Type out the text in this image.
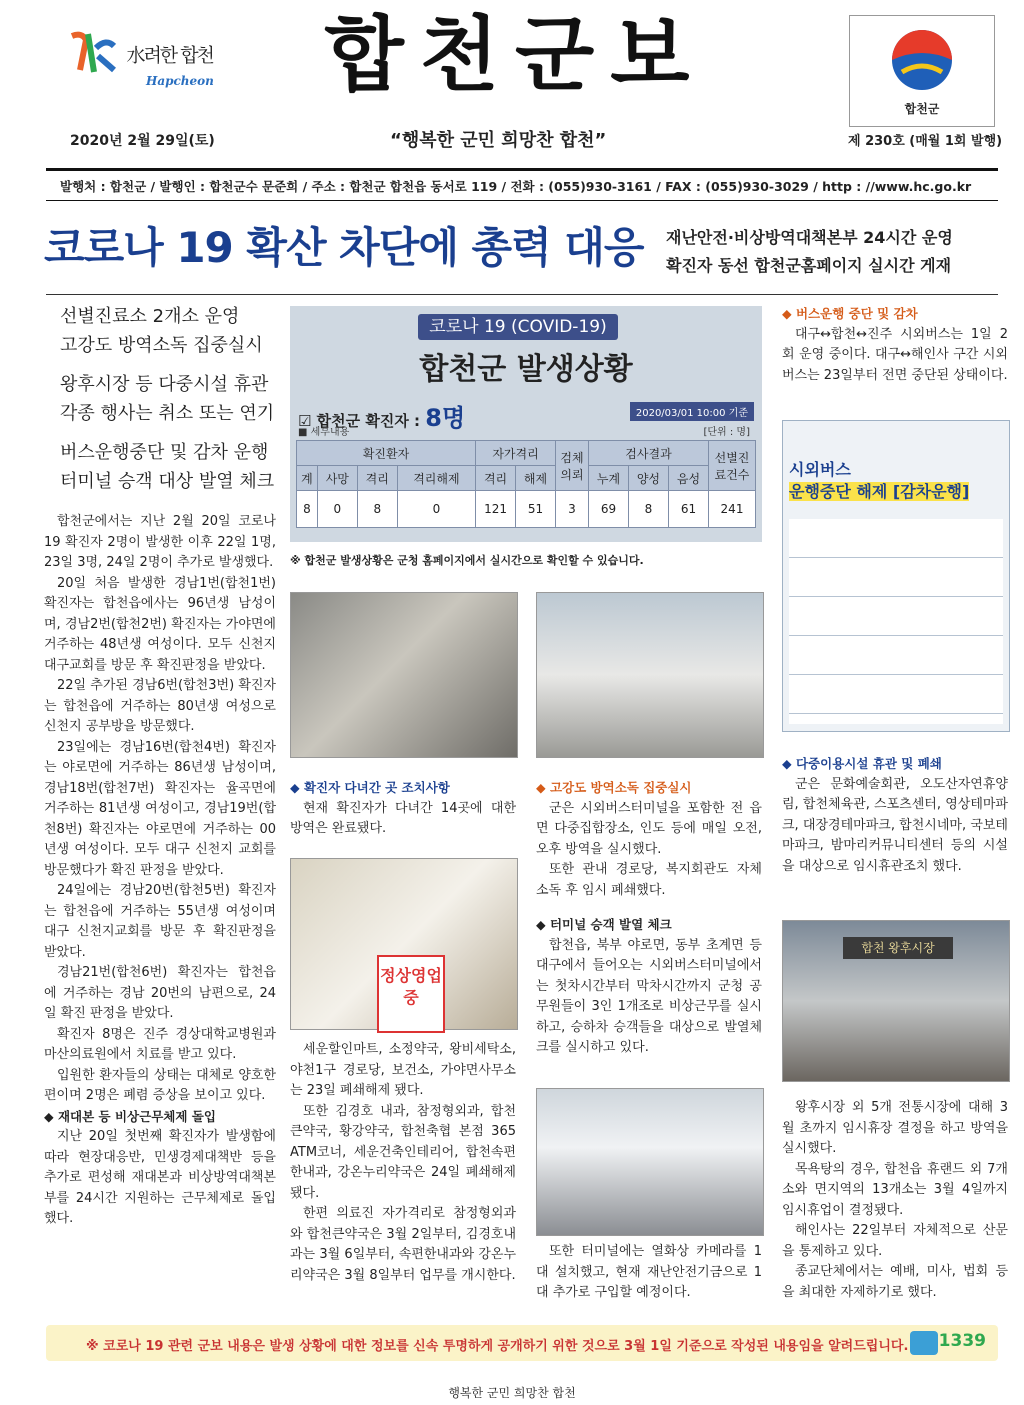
水려한 합천
Hapcheon	합천군보
합천군
2020년 2월 29일(토)	“행복한 군민 희망찬 합천”	제 230호 (매월 1회 발행)
발행처 : 합천군 / 발행인 : 합천군수 문준희 / 주소 : 합천군 합천읍 동서로 119 / 전화 : (055)930-3161 / FAX : (055)930-3029 / http : //www.hc.go.kr
코로나 19 확산 차단에 총력 대응 재난안전·비상방역대책본부 24시간 운영
확진자 동선 합천군홈페이지 실시간 게재

선별진료소 2개소 운영
고강도 방역소독 집중실시

왕후시장 등 다중시설 휴관
각종 행사는 취소 또는 연기

버스운행중단 및 감차 운행
터미널 승객 대상 발열 체크

합천군에서는 지난 2월 20일 코로나 19 확진자 2명이 발생한 이후 22일 1명, 23일 3명, 24일 2명이 추가로 발생했다.

20일 처음 발생한 경남1번(합천1번) 확진자는 합천읍에사는 96년생 남성이며, 경남2번(합천2번) 확진자는 가야면에 거주하는 48년생 여성이다. 모두 신천지대구교회를 방문 후 확진판정을 받았다.

22일 추가된 경남6번(합천3번) 확진자는 합천읍에 거주하는 80년생 여성으로 신천지 공부방을 방문했다.

23일에는 경남16번(합천4번) 확진자는 야로면에 거주하는 86년생 남성이며, 경남18번(합천7번) 확진자는 율곡면에 거주하는 81년생 여성이고, 경남19번(합천8번) 확진자는 야로면에 거주하는 00년생 여성이다. 모두 대구 신천지 교회를 방문했다가 확진 판정을 받았다.

24일에는 경남20번(합천5번) 확진자는 합천읍에 거주하는 55년생 여성이며 대구 신천지교회를 방문 후 확진판정을 받았다.

경남21번(합천6번) 확진자는 합천읍에 거주하는 경남 20번의 남편으로, 24일 확진 판정을 받았다.

확진자 8명은 진주 경상대학교병원과 마산의료원에서 치료를 받고 있다.

입원한 환자들의 상태는 대체로 양호한 편이며 2명은 폐렴 증상을 보이고 있다.

◆ 재대본 등 비상근무체제 돌입

지난 20일 첫번째 확진자가 발생함에 따라 현장대응반, 민생경제대책반 등을 추가로 편성해 재대본과 비상방역대책본부를 24시간 지원하는 근무체제로 돌입했다.

코로나 19 (COVID-19)
합천군 발생상황
☑ 합천군 확진자 : 8명	2020/03/01 10:00 기준
■ 세부내용	[단위 : 명]
확진환자				자가격리		검체의뢰	검사결과			선별진료건수
계	사망	격리	격리해제	격리	해제		누계	양성	음성	
8	0	8	0	121	51	3	69	8	61	241
※ 합천군 발생상황은 군청 홈페이지에서 실시간으로 확인할 수 있습니다.
정상영업중
합천 왕후시장

◆ 확진자 다녀간 곳 조치사항

현재 확진자가 다녀간 14곳에 대한 방역은 완료됐다.

세운할인마트, 소정약국, 왕비세탁소, 야천1구 경로당, 보건소, 가야면사무소는 23일 폐쇄해제 됐다.

또한 김경호 내과, 참정형외과, 합천큰약국, 황강약국, 합천축협 본점 365 ATM코너, 세운건축인테리어, 합천속편한내과, 강온누리약국은 24일 폐쇄해제 됐다.

한편 의료진 자가격리로 참정형외과와 합천큰약국은 3월 2일부터, 김경호내과는 3월 6일부터, 속편한내과와 강온누리약국은 3월 8일부터 업무를 개시한다.

◆ 고강도 방역소독 집중실시

군은 시외버스터미널을 포함한 전 읍면 다중집합장소, 인도 등에 매일 오전, 오후 방역을 실시했다.

또한 관내 경로당, 복지회관도 자체 소독 후 임시 폐쇄했다.

◆ 터미널 승객 발열 체크

합천읍, 북부 야로면, 동부 초계면 등 대구에서 들어오는 시외버스터미널에서는 첫차시간부터 막차시간까지 군청 공무원들이 3인 1개조로 비상근무를 실시하고, 승하차 승객들을 대상으로 발열체크를 실시하고 있다.

또한 터미널에는 열화상 카메라를 1대 설치했고, 현재 재난안전기금으로 1대 추가로 구입할 예정이다.

◆ 버스운행 중단 및 감차

대구↔합천↔진주 시외버스는 1일 2회 운영 중이다. 대구↔해인사 구간 시외버스는 23일부터 전면 중단된 상태이다.

시외버스
운행중단 해제 [감차운행]

◆ 다중이용시설 휴관 및 폐쇄

군은 문화예술회관, 오도산자연휴양림, 합천체육관, 스포츠센터, 영상테마파크, 대장경테마파크, 합천시네마, 국보테마파크, 밤마리커뮤니티센터 등의 시설을 대상으로 임시휴관조치 했다.

왕후시장 외 5개 전통시장에 대해 3월 초까지 임시휴장 결정을 하고 방역을 실시했다.

목욕탕의 경우, 합천읍 휴랜드 외 7개소와 면지역의 13개소는 3월 4일까지 임시휴업이 결정됐다.

해인사는 22일부터 자체적으로 산문을 통제하고 있다.

종교단체에서는 예배, 미사, 법회 등을 최대한 자제하기로 했다.

※ 코로나 19 관련 군보 내용은 발생 상황에 대한 정보를 신속 투명하게 공개하기 위한 것으로 3월 1일 기준으로 작성된 내용임을 알려드립니다. 1339
행복한 군민 희망찬 합천
